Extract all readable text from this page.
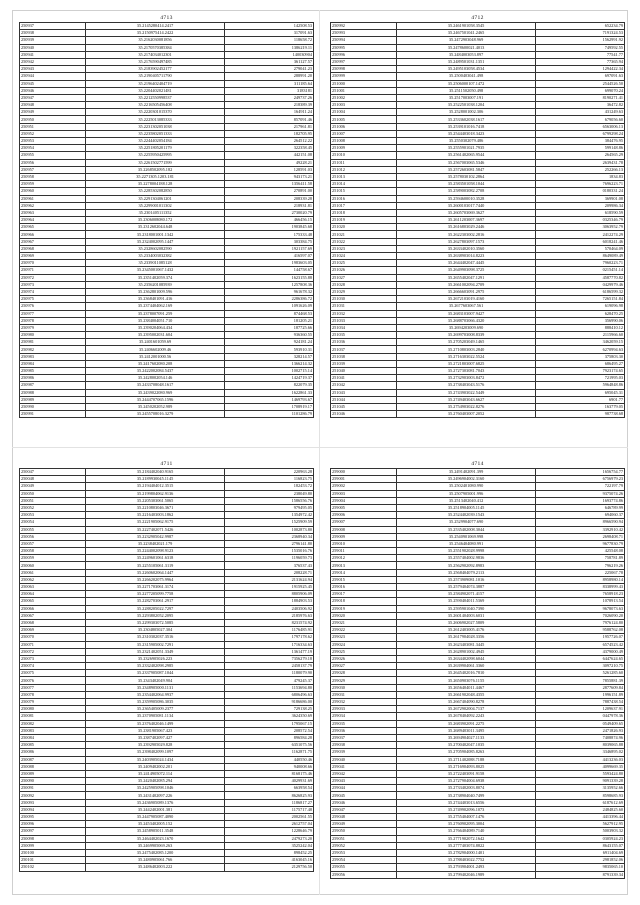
4713
250937	35.2145280414.2417	142508.53
250938	35.2150975414.2422	317091.63
250939	35.2162030081856	118658.72
250940	35.2170570385384	1386219.11
250941	35.2174034012301	140030904
250942	35.2176590497485	361127.57
250943	35.2183902452177	279041.23
250944	35.2190405711790	288991.20
250945	35.2196402404719	311185.64
250946	35.2204402021481	3183181
250947	35.2212550998537	249737.26
250948	35.2216505456408	218389.39
250949	35.2220301015370	164911.24
250950	35.2225013085333	857091.46
250951	35.2231302051038	217961.81
250952	35.2235802051333	182705.95
250953	35.2244402054184	264512.22
250954	35.2251805201179	322358.45
250955	35.2255950425995	442151.08
250956	35.2261502771599	49228.21
250957	35.2268502095.182	128591.03
250958	35.2271305.1203.181	943173.21
250959	35.2278004188.128	1356411.58
250960	35.2285302082850	270891.00
250961	35.2291304061201	208339.28
250962	35.2299001011302	218931.81
250963	35.2301405111352	2730020.79
250964	35.2306008080.172	466456.15
250965	35.2312602044.648	1903845.68
250966	35.2318001001.1342	175333.48
250967	35.2324002095.1447	303384.75
250968	35.2328602082590	1921157.69
250969	35.2334003032382	416597.07
250970	35.2339011085128	1983603.05
250971	35.2345001067.1432	144758.67
250972	35.2351402059.374	1623155.88
250973	35.2356201085939	1257808.36
250974	35.2362801009.596	961678.32
250975	35.2368401091.416	2286386.72
250976	35.2374404062.169	1091626.09
250977	35.2378007091.259	874468.53
250978	35.2384004051.710	181205.21
250979	35.2390204064.434	187725.66
250980	35.2395002031.604	936360.55
250981	35.2401601059.69	924181.24
250982	35.2406602009.46	593910.31
250983	35.2412001000.56	328214.57
250984	35.2417602080.208	1366214.32
250985	35.2422002084.5437	1002715.14
250986	35.2428002054.146	1424719.37
250987	35.2433708048.1617	822079.35
250988	35.2439022080.969	1622861.33
250989	35.2444707065.1596	1469793.67
250990	35.2450202052.989	1708919.17
250991	35.2455708016.3279	1101286.79
4712
250992	35.2461901058.3545	652234.79
250993	35.2467501041.2465	7191324.53
250994	35.2472903048.969	1562991.92
250995	35.2478600021.4013	749592.55
250996	35.2484003053.897	77541.77
250997	35.2489501031.1351	77365.94
250998	35.2495103058.4534	1294422.34
250999	35.2500403041.498	697091.63
251000	35.2506000107.1472	2544526.50
251001	35.2511502050.498	699070.24
251002	35.2517003007.191	8190271.41
251003	35.2522501038.1204	36472.82
251004	35.2528001002.306	431249.63
251005	35.2533602038.1617	679056.60
251006	35.2539101016.7418	6563006.13
251007	35.2544403018.3423	6799298.24
251008	35.2550302079.486	384476.95
251009	35.2555901021.7935	599148.86
251010	35.2561402065.9544	264565.29
251011	35.2567003065.5346	2639431.78
251012	35.2572603081.5847	252266.13
251013	35.2578030102.2864	1834.83
251014	35.2583501058.1044	7696223.71
251015	35.2589003082.2708	0180331.24
251016	35.2594600010.3528	369901.08
251017	35.2600103017.7440	209986.34
251018	35.2605703069.3627	618590.59
251019	35.2611203007.3697	0325346.79
251020	35.2616803029.2446	3063952.79
251021	35.2622303002.2816	2412274.29
251022	35.2627803097.1573	6018241.46
251023	35.2633402010.3560	570464.09
251024	35.2638903014.8223	8649089.49
251025	35.2644402047.4445	7960223.71
251026	35.2649903098.3725	0215451.14
251027	35.2655402047.1291	4587770.82
251028	35.2661002094.2709	0429979.46
251029	35.2666603091.2975	6186599.32
251030	35.2672103019.4160	7265151.84
251031	35.2677603067.561	619096.98
251032	35.2683103007.9427	628470.25
251033	35.2688703066.4320	356990.06
251034	35.2694203009.690	888410.12
251035	35.2699703008.8339	2115966.60
251036	35.2705203049.1465	3462059.15
251037	35.2710803003.2840	6270994.63
251038	35.2716303022.5524	375803.30
251039	35.2721803007.6825	686495.27
251040	35.2727303081.7043	7923174.65
251041	35.2732903003.8472	721995.03
251042	35.2738403043.5176	5964848.86
251043	35.2743903022.5449	695045.31
251044	35.2749403043.6627	6901.77
251045	35.2754903022.8276	163779.05
251046	35.2760403007.2052	987738.68
4711
250047	35.2184402040.9165	220963.28
250048	35.2189930045.1145	116823.75
250049	35.2194404012.3515	182453.72
250050	35.2199804062.9136	238049.80
250051	35.2205303061.5065	1586556.76
250052	35.2210803046.3671	979495.05
250053	35.2216403003.1862	1354972.42
250054	35.2221905062.9175	1525909.59
250055	35.2227402071.5426	1002873.80
250056	35.2232905042.9987	2368940.34
250057	35.2238402021.179	2796141.80
250058	35.2244002098.9123	1535016.76
250059	35.2249601061.6318	1196059.73
250060	35.2255105061.3119	376537.43
250061	35.2260602064.1447	208228.71
250062	35.2266202075.9964	2131624.94
250063	35.2271703061.3174	1915925.45
250064	35.2277205099.7758	8805906.09
250065	35.2282703061.2917	1884903.53
250066	35.2288205022.7297	2403506.92
250067	35.2293802052.2095	2185976.63
250068	35.2299303072.5085	8231574.92
250069	35.2304805027.304	1176485.91
250070	35.2310302037.3516	1797178.62
250071	35.2315905002.7291	1716334.63
250072	35.2321402051.3349	1361477.19
250073	35.2326905026.223	7356279.18
250074	35.2332402098.2985	2458137.79
250075	35.2337905087.1044	1180079.90
250076	35.2343402049.904	479245.37
250077	35.2348905000.1131	1153694.80
250078	35.2354402064.9937	6806496.63
250079	35.2359905086.3035	9186686.00
250080	35.2365405009.2377	729138.25
250081	35.2370905081.1134	3624350.69
250082	35.2376402046.1499	1795067.15
250083	35.2381905067.423	208572.54
250084	35.2387402097.427	896584.28
250085	35.2392905029.828	6351075.56
250086	35.2398402099.1097	1162871.75
250087	35.2403905024.1434	440550.46
250088	35.2409402002.201	940008.66
250089	35.2414905072.114	8168175.46
250090	35.2420402085.294	4029931.69
250091	35.2425905098.1046	663958.54
250092	35.2431402097.226	8626825.93
250093	35.2436905089.1376	1186817.27
250094	35.2442402001.381	1175717.48
250095	35.2447905087.4090	2002561.55
250096	35.2453402005.152	2612757.04
250097	35.2458905011.3548	1228646.79
250098	35.2464402023.1670	2479273.20
250099	35.2469905069.263	3525242.04
250100	35.2475402085.1200	898452.25
250101	35.2480905061.766	4163045.16
250102	35.2486402003.222	2129756.50
4714
259000	35.2491402091.399	1656754.77
259001	35.2496904002.3160	6756979.23
259002	35.2502401080.990	722197.79
259003	35.2507905001.996	9375074.26
259004	35.2513402040.412	1693774.86
259005	35.2518904005.1145	646789.99
259006	35.2524402039.1543	694060.37
259007	35.2529904077.690	8966590.94
259008	35.2535402008.3044	3392910.42
259009	35.2540901069.998	2698408.71
259010	35.2546404080.991	9677830.79
259011	35.2551902028.9998	425548.08
259012	35.2557404002.9836	758781.89
259013	35.2562902092.8983	796219.26
259014	35.2568404079.2113	225067.78
259015	35.2573909081.1016	8958980.14
259016	35.2579404074.3887	8338999.43
259017	35.2584902071.4157	7658918.23
259018	35.2590404011.5369	1078913.54
259019	35.2595901040.7390	9678073.63
259020	35.2601404003.6031	7026090.20
259021	35.2606902027.5809	7976124.80
259022	35.2612403005.4176	9588762.08
259023	35.2617904028.3356	1957726.07
259024	35.2623403081.3445	6574523.42
259025	35.2628901002.4945	4379000.49
259026	35.2634402098.6044	6447624.65
259027	35.2639904061.3360	3097210.75
259028	35.2645402016.7810	5261285.60
259029	35.2650903076.1155	7855881.39
259030	35.2656404011.4467	2877609.84
259031	35.2661902048.4355	1996151.89
259032	35.2667404090.8278	7887438.54
259033	35.2672902004.7137	1209637.91
259034	35.2678404092.2243	0447978.36
259035	35.2683902091.2275	0549409.65
259036	35.2689403011.3495	2471826.93
259037	35.2694904027.1133	7408874.96
259038	35.2700402047.1035	8039065.88
259039	35.2705904085.8263	3346895.02
259040	35.2711402088.7188	4413236.03
259041	35.2716904093.8025	4099669.35
259042	35.2722403091.9158	5593424.80
259043	35.2727904004.6938	9091339.28
259044	35.2733402003.8074	3135952.66
259045	35.2738904040.7499	8598685.93
259046	35.2744403013.6556	6187612.69
259047	35.2749902096.1073	2484825.60
259048	35.2755404007.1476	4413396.44
259049	35.2760902095.3004	5627912.95
259050	35.2766404089.7140	5003903.32
259051	35.2771902072.1642	0305924.23
259052	35.2777403074.8822	8643155.07
259053	35.2782904000.1401	6911404.69
259054	35.2788403022.7752	2981852.06
259055	35.2793904001.2493	9835065.10
259056	35.2799402046.1989	8791339.34
